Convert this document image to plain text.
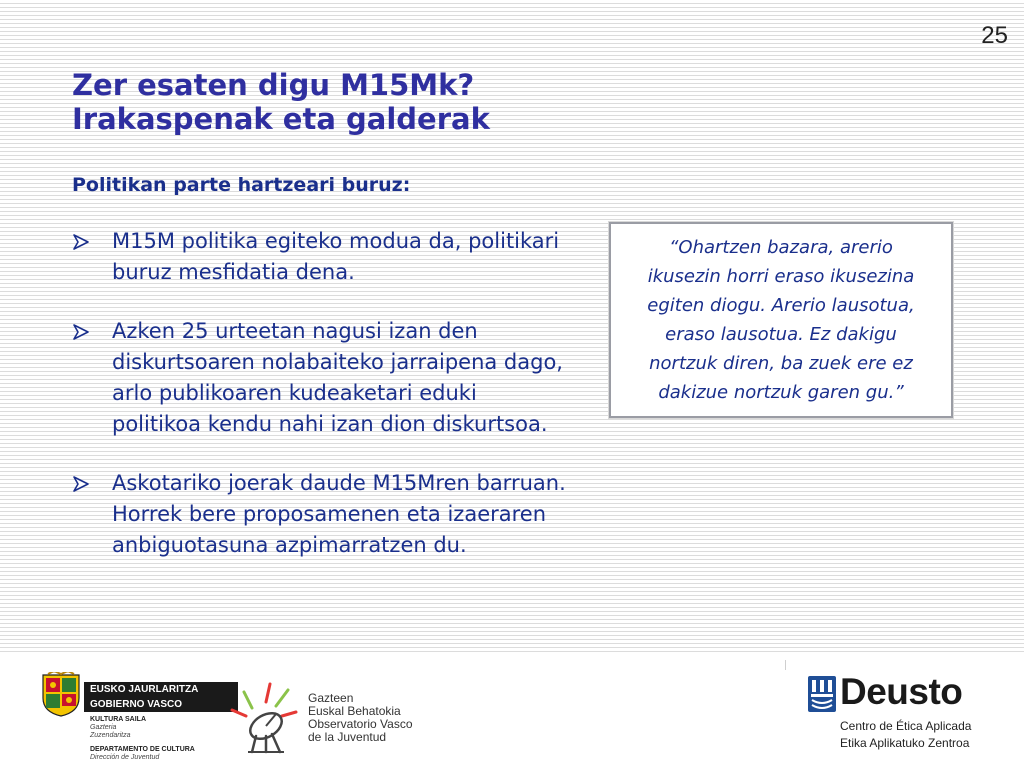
25
Zer esaten digu M15Mk?
Irakaspenak eta galderak
Politikan parte hartzeari buruz:
M15M politika egiteko modua da, politikari buruz mesfidatia dena.
Azken 25 urteetan nagusi izan den diskurtsoaren nolabaiteko jarraipena dago, arlo publikoaren kudeaketari eduki politikoa kendu nahi izan dion diskurtsoa.
Askotariko joerak daude M15Mren barruan. Horrek bere proposamenen eta izaeraren anbiguotasuna azpimarratzen du.
“Ohartzen bazara, arerio
ikusezin horri eraso ikusezina
egiten diogu. Arerio lausotua,
eraso lausotua. Ez dakigu
nortzuk diren, ba zuek ere ez
dakizue nortzuk garen gu.”
EUSKO JAURLARITZA
GOBIERNO VASCO
KULTURA SAILA
Gazteria
Zuzendaritza
DEPARTAMENTO DE CULTURA
Dirección de Juventud
Gazteen
Euskal Behatokia
Observatorio Vasco
de la Juventud
Deusto
Centro de Ética Aplicada
Etika Aplikatuko Zentroa
